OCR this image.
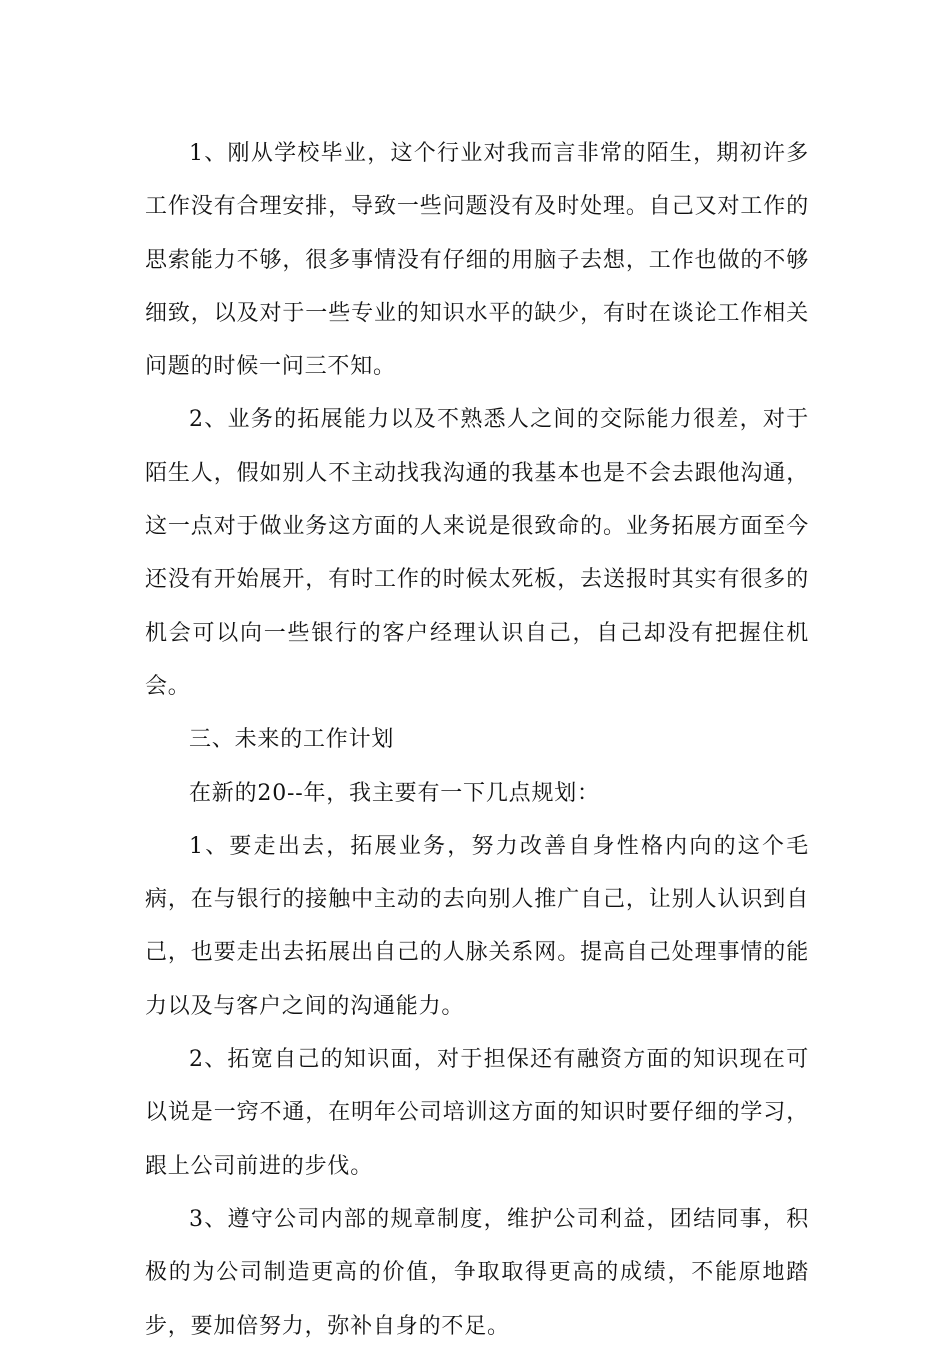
1、刚从学校毕业，这个行业对我而言非常的陌生，期初许多工作没有合理安排，导致一些问题没有及时处理。自己又对工作的思索能力不够，很多事情没有仔细的用脑子去想，工作也做的不够细致，以及对于一些专业的知识水平的缺少，有时在谈论工作相关问题的时候一问三不知。

2、业务的拓展能力以及不熟悉人之间的交际能力很差，对于陌生人，假如别人不主动找我沟通的我基本也是不会去跟他沟通，这一点对于做业务这方面的人来说是很致命的。业务拓展方面至今还没有开始展开，有时工作的时候太死板，去送报时其实有很多的机会可以向一些银行的客户经理认识自己，自己却没有把握住机会。

三、未来的工作计划

在新的20--年，我主要有一下几点规划：

1、要走出去，拓展业务，努力改善自身性格内向的这个毛病，在与银行的接触中主动的去向别人推广自己，让别人认识到自己，也要走出去拓展出自己的人脉关系网。提高自己处理事情的能力以及与客户之间的沟通能力。

2、拓宽自己的知识面，对于担保还有融资方面的知识现在可以说是一窍不通，在明年公司培训这方面的知识时要仔细的学习，跟上公司前进的步伐。

3、遵守公司内部的规章制度，维护公司利益，团结同事，积极的为公司制造更高的价值，争取取得更高的成绩，不能原地踏步，要加倍努力，弥补自身的不足。
